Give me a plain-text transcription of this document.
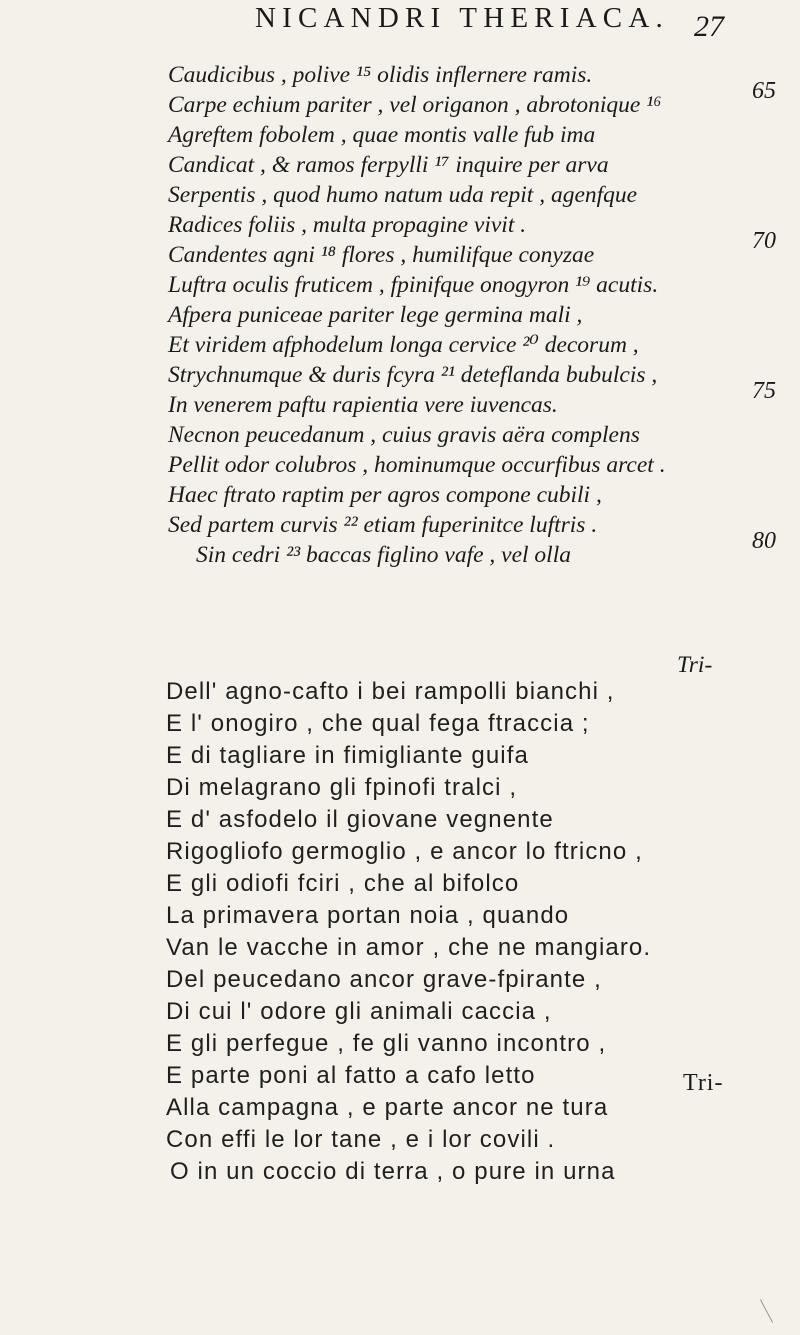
NICANDRI THERIACA. 27
Caudicibus , polive ¹⁵ olidis inflernere ramis.
Carpe echium pariter , vel origanon , abrotonique ¹⁶
Agreftem fobolem , quae montis valle fub ima
Candicat , & ramos ferpylli ¹⁷ inquire per arva
Serpentis , quod humo natum uda repit , agenfque
Radices foliis , multa propagine vivit .
Candentes agni ¹⁸ flores , humilifque conyzae
Luftra oculis fruticem , fpinifque onogyron ¹⁹ acutis.
Afpera puniceae pariter lege germina mali ,
Et viridem afphodelum longa cervice ²⁰ decorum ,
Strychnumque & duris fcyra ²¹ deteflanda bubulcis ,
In venerem paftu rapientia vere iuvencas.
Necnon peucedanum , cuius gravis aëra complens
Pellit odor colubros , hominumque occurfibus arcet .
Haec ftrato raptim per agros compone cubili ,
Sed partem curvis ²² etiam fuperinitce luftris .
Sin cedri ²³ baccas figlino vafe , vel olla
Tri-
65
70
75
80
Dell' agno-cafto i bei rampolli bianchi ,
E l' onogiro , che qual fega ftraccia ;
E di tagliare in fimigliante guifa
Di melagrano gli fpinofi tralci ,
E d' asfodelo il giovane vegnente
Rigogliofo germoglio , e ancor lo ftricno ,
E gli odiofi fciri , che al bifolco
La primavera portan noia , quando
Van le vacche in amor , che ne mangiaro.
Del peucedano ancor grave-fpirante ,
Di cui l' odore gli animali caccia ,
E gli perfegue , fe gli vanno incontro ,
E parte poni al fatto a cafo letto
Alla campagna , e parte ancor ne tura
Con effi le lor tane , e i lor covili .
O in un coccio di terra , o pure in urna
Tri-
